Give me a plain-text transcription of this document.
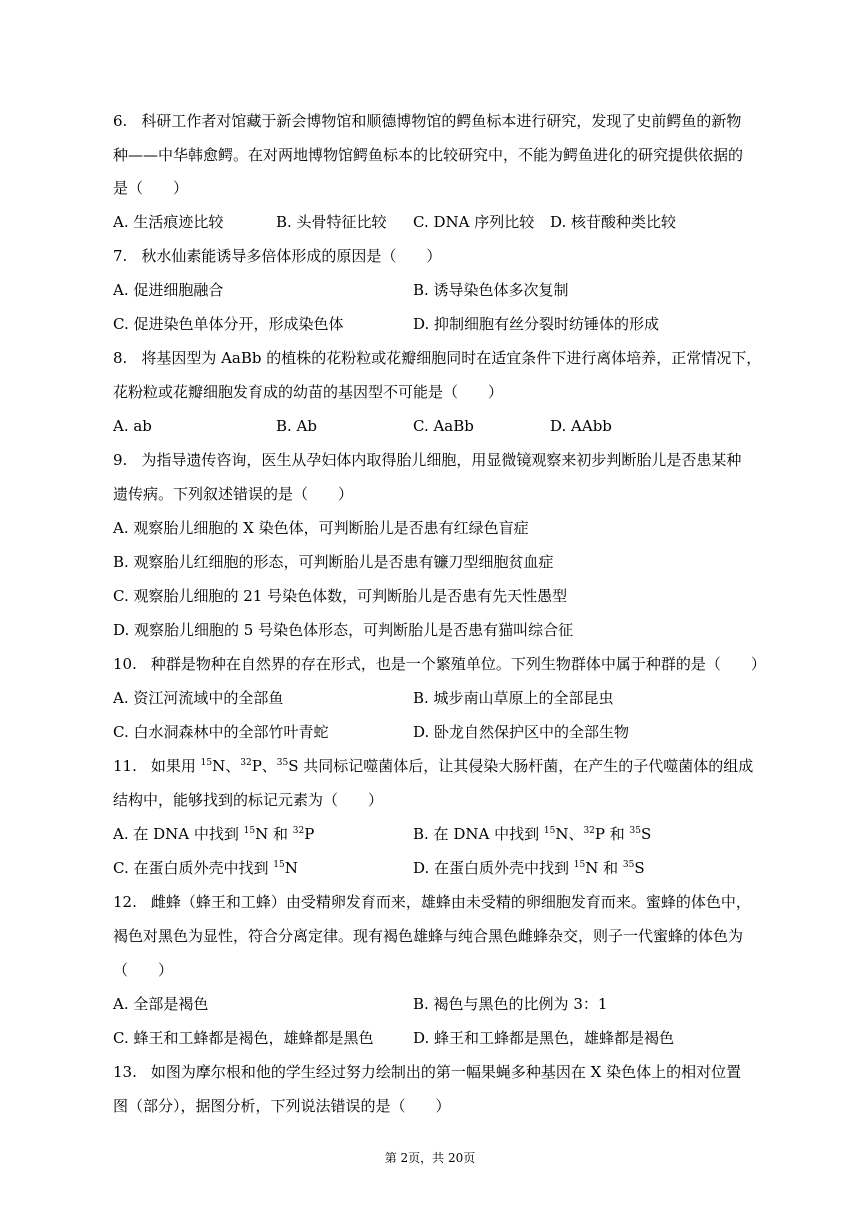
6. 科研工作者对馆藏于新会博物馆和顺德博物馆的鳄鱼标本进行研究，发现了史前鳄鱼的新物
种——中华韩愈鳄。在对两地博物馆鳄鱼标本的比较研究中，不能为鳄鱼进化的研究提供依据的
是（　　）
A. 生活痕迹比较	B. 头骨特征比较 C. DNA 序列比较 D. 核苷酸种类比较
7. 秋水仙素能诱导多倍体形成的原因是（　　）
A. 促进细胞融合	B. 诱导染色体多次复制
C. 促进染色单体分开，形成染色体	D. 抑制细胞有丝分裂时纺锤体的形成
8. 将基因型为 AaBb 的植株的花粉粒或花瓣细胞同时在适宜条件下进行离体培养，正常情况下，
花粉粒或花瓣细胞发育成的幼苗的基因型不可能是（　　）
A. ab	B. Ab	C. AaBb	D. AAbb
9. 为指导遗传咨询，医生从孕妇体内取得胎儿细胞，用显微镜观察来初步判断胎儿是否患某种
遗传病。下列叙述错误的是（　　）
A. 观察胎儿细胞的 X 染色体，可判断胎儿是否患有红绿色盲症
B. 观察胎儿红细胞的形态，可判断胎儿是否患有镰刀型细胞贫血症
C. 观察胎儿细胞的 21 号染色体数，可判断胎儿是否患有先天性愚型
D. 观察胎儿细胞的 5 号染色体形态，可判断胎儿是否患有猫叫综合征
10. 种群是物种在自然界的存在形式，也是一个繁殖单位。下列生物群体中属于种群的是（　　）
A. 资江河流域中的全部鱼	B. 城步南山草原上的全部昆虫
C. 白水洞森林中的全部竹叶青蛇	D. 卧龙自然保护区中的全部生物
11. 如果用 $^{15}$N、$^{32}$P、$^{35}$S 共同标记噬菌体后，让其侵染大肠杆菌，在产生的子代噬菌体的组成
结构中，能够找到的标记元素为（　　）
A. 在 DNA 中找到 $^{15}$N 和 $^{32}$P	B. 在 DNA 中找到 $^{15}$N、$^{32}$P 和 $^{35}$S
C. 在蛋白质外壳中找到 $^{15}$N	D. 在蛋白质外壳中找到 $^{15}$N 和 $^{35}$S
12. 雌蜂（蜂王和工蜂）由受精卵发育而来，雄蜂由未受精的卵细胞发育而来。蜜蜂的体色中，
褐色对黑色为显性，符合分离定律。现有褐色雄蜂与纯合黑色雌蜂杂交，则子一代蜜蜂的体色为
（　　）
A. 全部是褐色	B. 褐色与黑色的比例为 3：1
C. 蜂王和工蜂都是褐色，雄蜂都是黑色	D. 蜂王和工蜂都是黑色，雄蜂都是褐色
13. 如图为摩尔根和他的学生经过努力绘制出的第一幅果蝇多种基因在 X 染色体上的相对位置
图（部分），据图分析，下列说法错误的是（　　）
第 2页，共 20页
